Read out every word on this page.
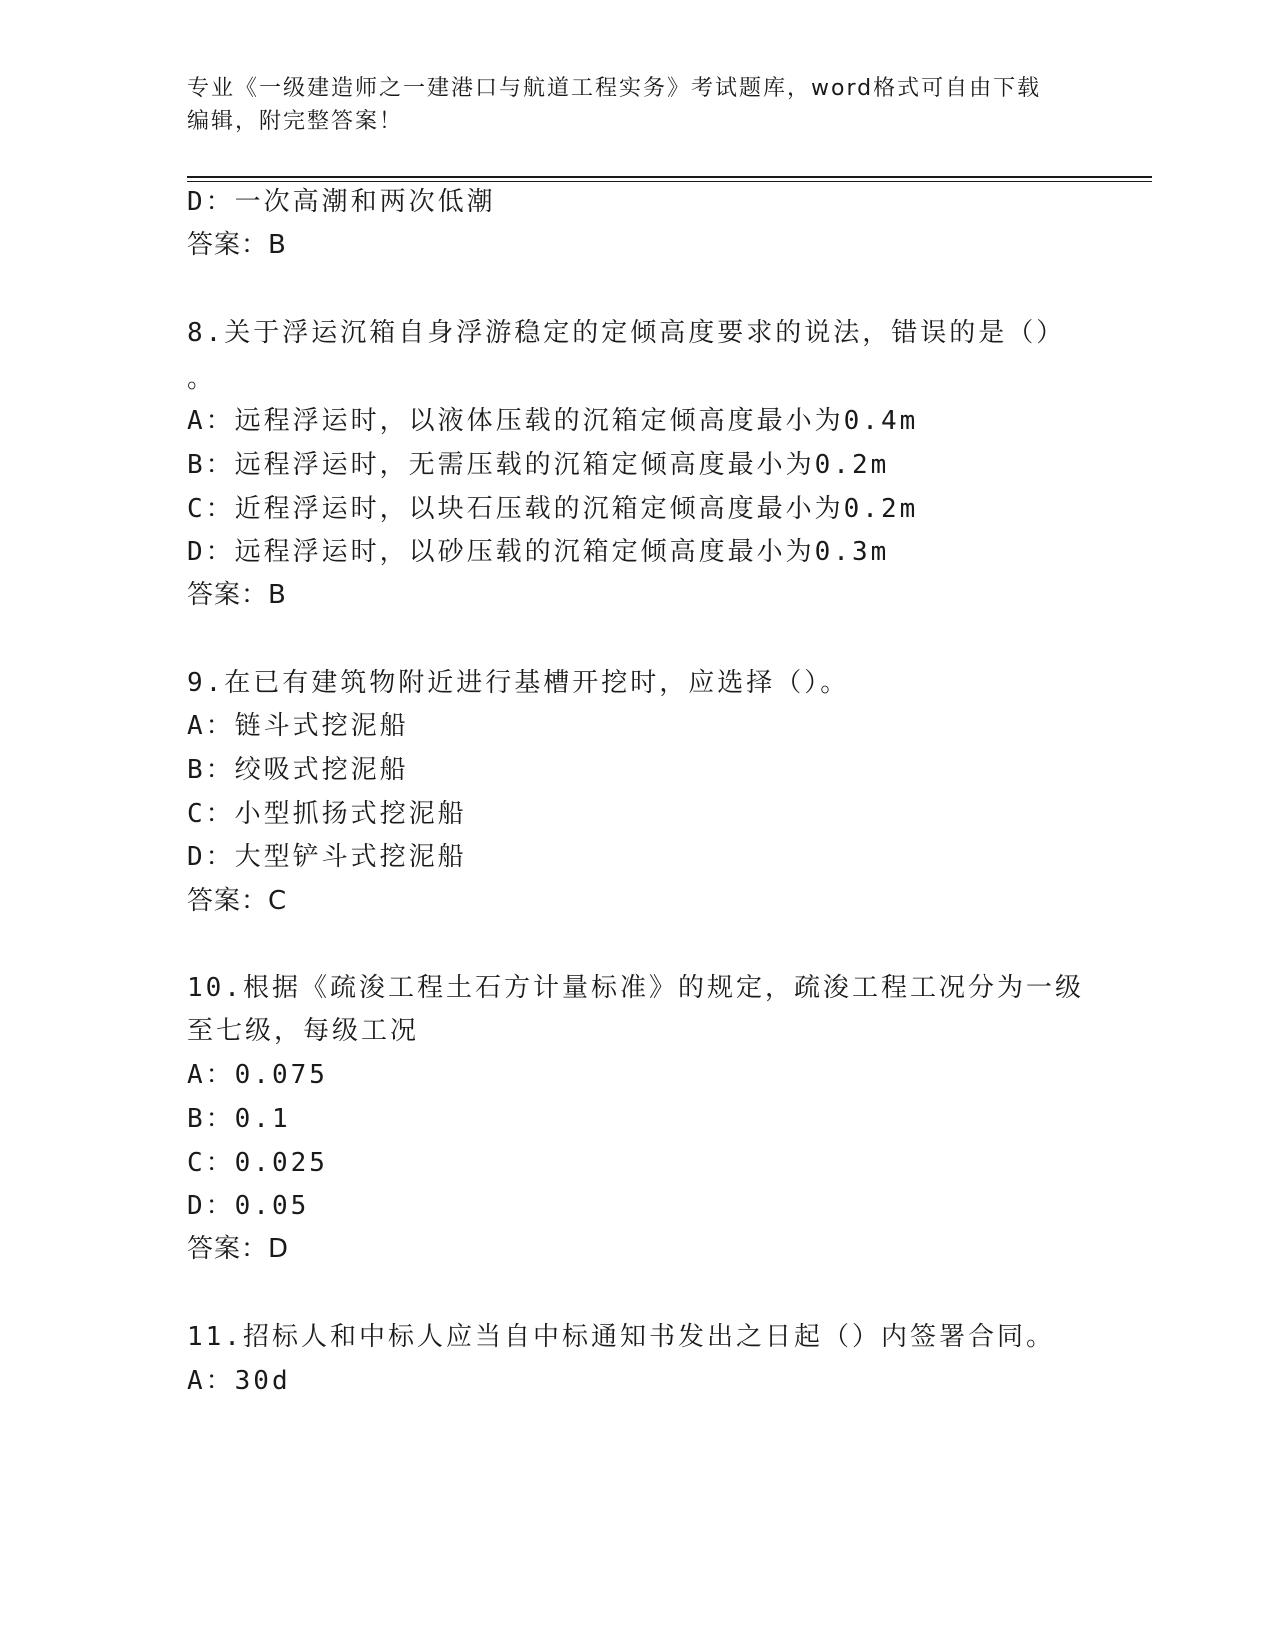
专业《一级建造师之一建港口与航道工程实务》考试题库，word格式可自由下载
编辑，附完整答案！
D：一次高潮和两次低潮
答案：B
8.关于浮运沉箱自身浮游稳定的定倾高度要求的说法，错误的是（）
。
A：远程浮运时，以液体压载的沉箱定倾高度最小为0.4m
B：远程浮运时，无需压载的沉箱定倾高度最小为0.2m
C：近程浮运时，以块石压载的沉箱定倾高度最小为0.2m
D：远程浮运时，以砂压载的沉箱定倾高度最小为0.3m
答案：B
9.在已有建筑物附近进行基槽开挖时，应选择（）。
A：链斗式挖泥船
B：绞吸式挖泥船
C：小型抓扬式挖泥船
D：大型铲斗式挖泥船
答案：C
10.根据《疏浚工程土石方计量标准》的规定，疏浚工程工况分为一级
至七级，每级工况
A：0.075
B：0.1
C：0.025
D：0.05
答案：D
11.招标人和中标人应当自中标通知书发出之日起（）内签署合同。
A：30d
